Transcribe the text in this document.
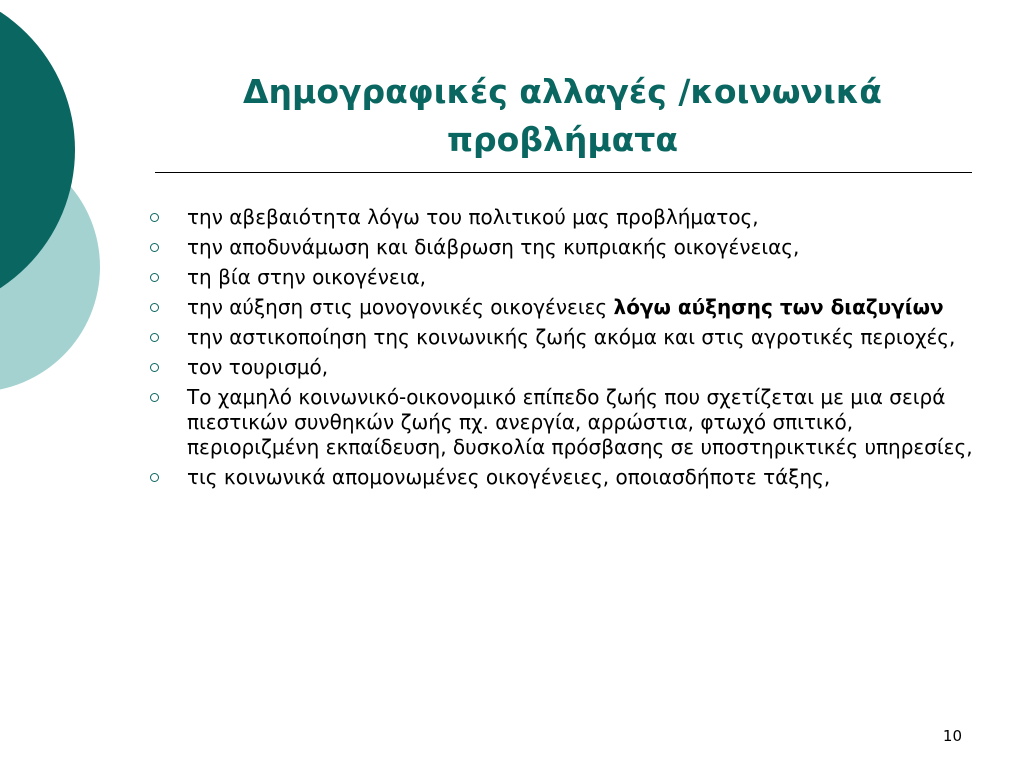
Δημογραφικές αλλαγές /κοινωνικά
προβλήματα
την αβεβαιότητα λόγω του πολιτικού μας προβλήματος,
την αποδυνάμωση και διάβρωση της κυπριακής οικογένειας,
τη βία στην οικογένεια,
την αύξηση στις μονογονικές οικογένειες λόγω αύξησης των διαζυγίων
την αστικοποίηση της κοινωνικής ζωής ακόμα και στις αγροτικές περιοχές,
τον τουρισμό,
Το χαμηλό κοινωνικό-οικονομικό επίπεδο ζωής που σχετίζεται με μια σειρά πιεστικών συνθηκών ζωής πχ. ανεργία, αρρώστια, φτωχό σπιτικό, περιοριζμένη εκπαίδευση, δυσκολία πρόσβασης σε υποστηρικτικές υπηρεσίες,
τις κοινωνικά απομονωμένες οικογένειες, οποιασδήποτε τάξης,
10
